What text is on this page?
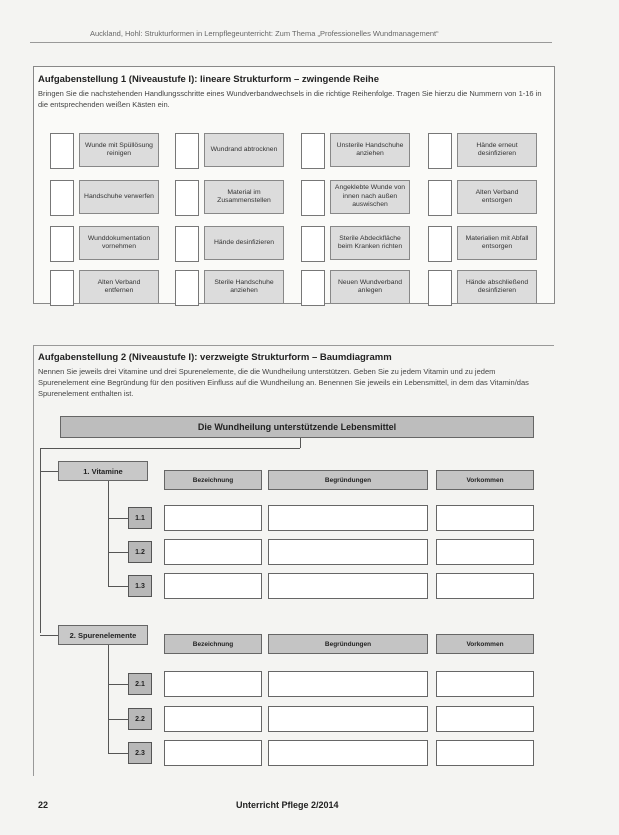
Auckland, Hohl: Strukturformen in Lernpflegeunterricht: Zum Thema „Professionelles Wundmanagement“
Aufgabenstellung 1 (Niveaustufe I): lineare Strukturform – zwingende Reihe
Bringen Sie die nachstehenden Handlungsschritte eines Wundverbandwechsels in die richtige Reihenfolge. Tragen Sie hierzu die Nummern von 1-16 in die entsprechenden weißen Kästen ein.
Aufgabenstellung 2 (Niveaustufe I): verzweigte Strukturform – Baumdiagramm
Nennen Sie jeweils drei Vitamine und drei Spurenelemente, die die Wundheilung unterstützen. Geben Sie zu jedem Vitamin und zu jedem Spurenelement eine Begründung für den positiven Einfluss auf die Wundheilung an. Benennen Sie jeweils ein Lebensmittel, in dem das Vitamin/das Spurenelement enthalten ist.
Die Wundheilung unterstützende Lebensmittel
22	Unterricht Pflege 2/2014
Wunde mit Spüllösung reinigen
Wundrand abtrocknen
Unsterile Handschuhe anziehen
Hände erneut desinfizieren
Handschuhe verwerfen
Material im Zusammenstellen
Angeklebte Wunde von innen nach außen auswischen
Alten Verband entsorgen
Wunddokumentation vornehmen
Hände desinfizieren
Sterile Abdeckfläche beim Kranken richten
Materialien mit Abfall entsorgen
Alten Verband entfernen
Sterile Handschuhe anziehen
Neuen Wundverband anlegen
Hände abschließend desinfizieren
1. Vitamine
Bezeichnung	Begründungen	Vorkommen
1.1
1.2
1.3
2. Spurenelemente
Bezeichnung	Begründungen	Vorkommen
2.1
2.2
2.3
